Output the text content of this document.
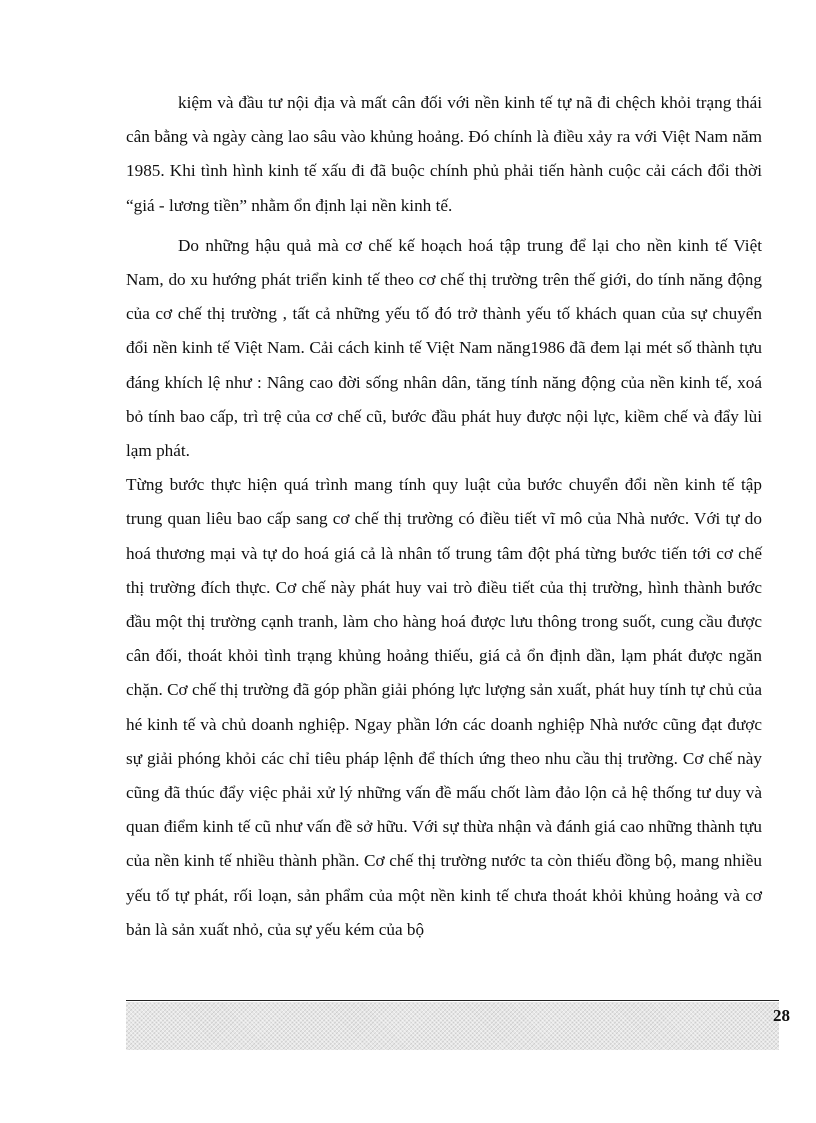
kiệm và đầu tư nội địa và mất cân đối với nền kinh tế tự nã đi chệch khỏi trạng thái cân bằng và ngày càng lao sâu vào khủng hoảng. Đó chính là điều xảy ra với Việt Nam năm 1985. Khi tình hình kinh tế xấu đi đã buộc chính phủ phải tiến hành cuộc cải cách đổi thời “giá - lương tiền” nhằm ổn định lại nền kinh tế.

Do những hậu quả mà cơ chế kế hoạch hoá tập trung để lại cho nền kinh tế Việt Nam, do xu hướng phát triển kinh tế theo cơ chế thị trường trên thế giới, do tính năng động của cơ chế thị trường , tất cả những yếu tố đó trở thành yếu tố khách quan của sự chuyển đổi nền kinh tế Việt Nam. Cải cách kinh tế Việt Nam năng1986 đã đem lại mét số thành tựu đáng khích lệ như : Nâng cao đời sống nhân dân, tăng tính năng động của nền kinh tế, xoá bỏ tính bao cấp, trì trệ của cơ chế cũ, bước đầu phát huy được nội lực, kiềm chế và đẩy lùi lạm phát.

Từng bước thực hiện quá trình mang tính quy luật của bước chuyển đổi nền kinh tế tập trung quan liêu bao cấp sang cơ chế thị trường có điều tiết vĩ mô của Nhà nước. Với tự do hoá thương mại và tự do hoá giá cả là nhân tố trung tâm đột phá từng bước tiến tới cơ chế thị trường đích thực. Cơ chế này phát huy vai trò điều tiết của thị trường, hình thành bước đầu một thị trường cạnh tranh, làm cho hàng hoá được lưu thông trong suốt, cung cầu được cân đối, thoát khỏi tình trạng khủng hoảng thiếu, giá cả ổn định dần, lạm phát được ngăn chặn. Cơ chế thị trường đã góp phần giải phóng lực lượng sản xuất, phát huy tính tự chủ của hé kinh tế và chủ doanh nghiệp. Ngay phần lớn các doanh nghiệp Nhà nước cũng đạt được sự giải phóng khỏi các chỉ tiêu pháp lệnh để thích ứng theo nhu cầu thị trường. Cơ chế này cũng đã thúc đẩy việc phải xử lý những vấn đề mấu chốt làm đảo lộn cả hệ thống tư duy và quan điểm kinh tế cũ như vấn đề sở hữu. Với sự thừa nhận và đánh giá cao những thành tựu của nền kinh tế nhiều thành phần. Cơ chế thị trường nước ta còn thiếu đồng bộ, mang nhiều yếu tố tự phát, rối loạn, sản phẩm của một nền kinh tế chưa thoát khỏi khủng hoảng và cơ bản là sản xuất nhỏ, của sự yếu kém của bộ

28
